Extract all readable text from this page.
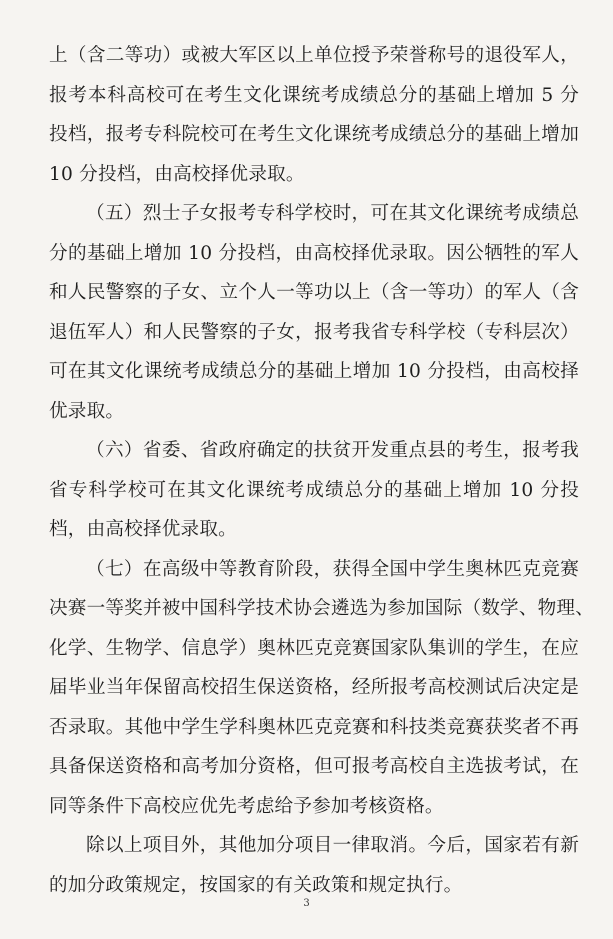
上（含二等功）或被大军区以上单位授予荣誉称号的退役军人，
报考本科高校可在考生文化课统考成绩总分的基础上增加 5 分
投档，报考专科院校可在考生文化课统考成绩总分的基础上增加
10 分投档，由高校择优录取。
（五）烈士子女报考专科学校时，可在其文化课统考成绩总
分的基础上增加 10 分投档，由高校择优录取。因公牺牲的军人
和人民警察的子女、立个人一等功以上（含一等功）的军人（含
退伍军人）和人民警察的子女，报考我省专科学校（专科层次）
可在其文化课统考成绩总分的基础上增加 10 分投档，由高校择
优录取。
（六）省委、省政府确定的扶贫开发重点县的考生，报考我
省专科学校可在其文化课统考成绩总分的基础上增加 10 分投
档，由高校择优录取。
（七）在高级中等教育阶段，获得全国中学生奥林匹克竞赛
决赛一等奖并被中国科学技术协会遴选为参加国际（数学、物理、
化学、生物学、信息学）奥林匹克竞赛国家队集训的学生，在应
届毕业当年保留高校招生保送资格，经所报考高校测试后决定是
否录取。其他中学生学科奥林匹克竞赛和科技类竞赛获奖者不再
具备保送资格和高考加分资格，但可报考高校自主选拔考试，在
同等条件下高校应优先考虑给予参加考核资格。
除以上项目外，其他加分项目一律取消。今后，国家若有新
的加分政策规定，按国家的有关政策和规定执行。
3
